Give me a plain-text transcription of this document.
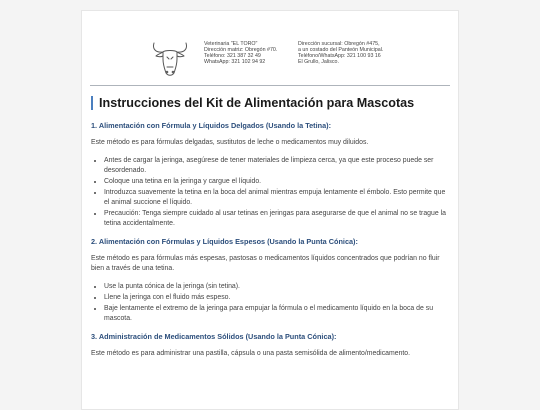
Veterinaria "EL TORO"
Dirección matriz: Obregón #70.
Teléfono: 321 387 32 49
WhatsApp: 321 102 94 92
Dirección sucursal: Obregón #475,
a un costado del Panteón Municipal.
Teléfono/WhatsApp: 321 100 93 16
El Grullo, Jalisco.
Instrucciones del Kit de Alimentación para Mascotas
1. Alimentación con Fórmula y Líquidos Delgados (Usando la Tetina):

Este método es para fórmulas delgadas, sustitutos de leche o medicamentos muy diluidos.

• Antes de cargar la jeringa, asegúrese de tener materiales de limpieza cerca, ya que este proceso puede ser desordenado.
• Coloque una tetina en la jeringa y cargue el líquido.
• Introduzca suavemente la tetina en la boca del animal mientras empuja lentamente el émbolo. Esto permite que el animal succione el líquido.
• Precaución: Tenga siempre cuidado al usar tetinas en jeringas para asegurarse de que el animal no se trague la tetina accidentalmente.
2. Alimentación con Fórmulas y Líquidos Espesos (Usando la Punta Cónica):

Este método es para fórmulas más espesas, pastosas o medicamentos líquidos concentrados que podrían no fluir bien a través de una tetina.

• Use la punta cónica de la jeringa (sin tetina).
• Llene la jeringa con el fluido más espeso.
• Baje lentamente el extremo de la jeringa para empujar la fórmula o el medicamento líquido en la boca de su mascota.
3. Administración de Medicamentos Sólidos (Usando la Punta Cónica):

Este método es para administrar una pastilla, cápsula o una pasta semisólida de alimento/medicamento.
